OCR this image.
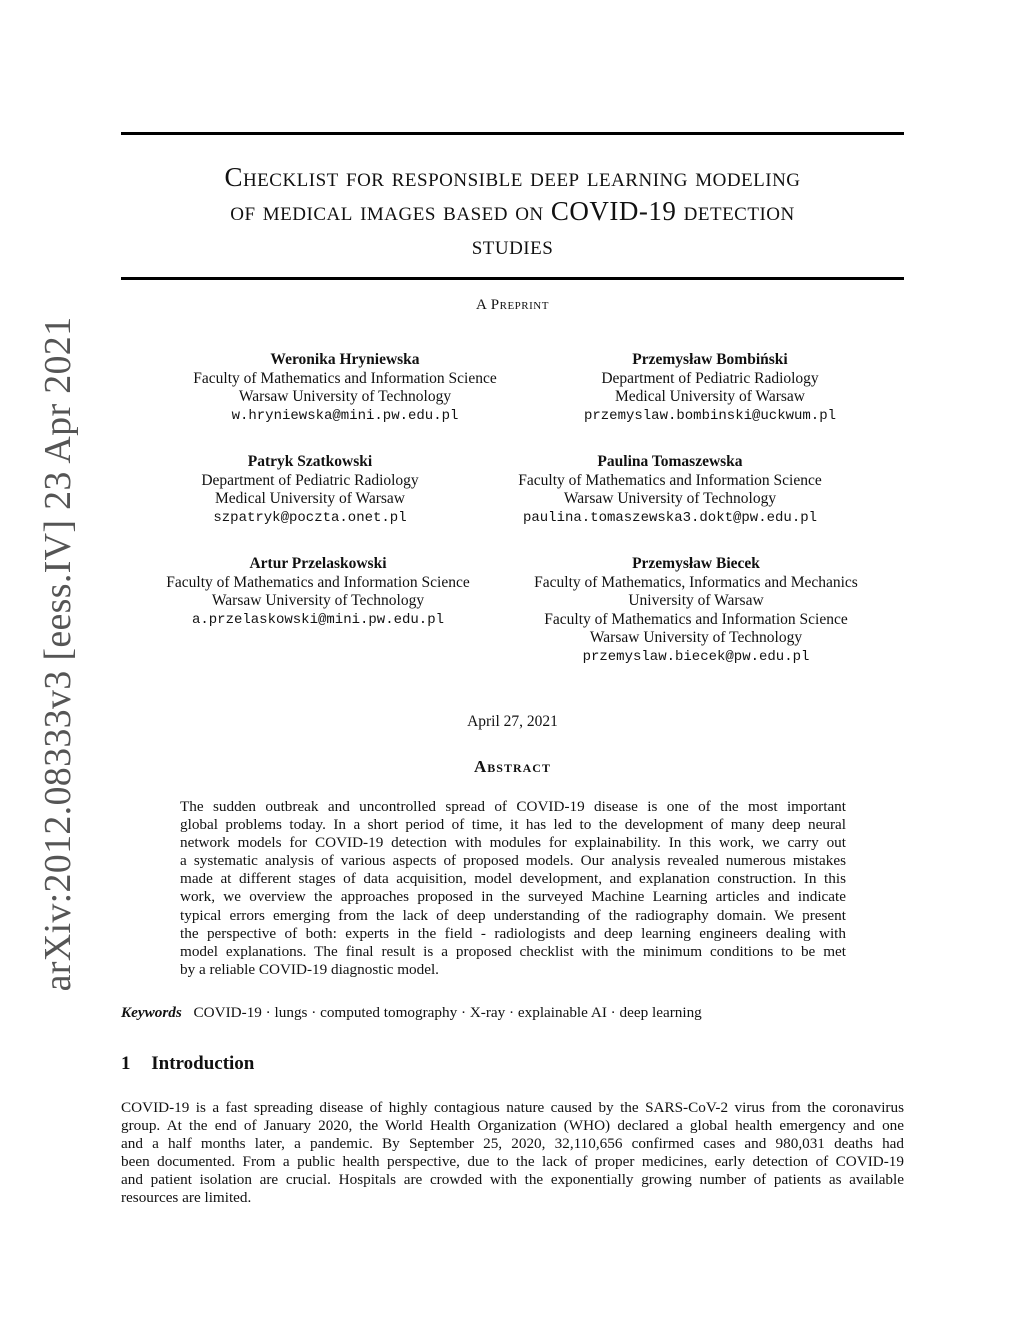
arXiv:2012.08333v3 [eess.IV] 23 Apr 2021
Checklist for responsible deep learning modeling
of medical images based on COVID-19 detection
studies
A Preprint
Weronika Hryniewska
Faculty of Mathematics and Information Science
Warsaw University of Technology
w.hryniewska@mini.pw.edu.pl
Przemysław Bombiński
Department of Pediatric Radiology
Medical University of Warsaw
przemyslaw.bombinski@uckwum.pl
Patryk Szatkowski
Department of Pediatric Radiology
Medical University of Warsaw
szpatryk@poczta.onet.pl
Paulina Tomaszewska
Faculty of Mathematics and Information Science
Warsaw University of Technology
paulina.tomaszewska3.dokt@pw.edu.pl
Artur Przelaskowski
Faculty of Mathematics and Information Science
Warsaw University of Technology
a.przelaskowski@mini.pw.edu.pl
Przemysław Biecek
Faculty of Mathematics, Informatics and Mechanics
University of Warsaw
Faculty of Mathematics and Information Science
Warsaw University of Technology
przemyslaw.biecek@pw.edu.pl
April 27, 2021
Abstract
The sudden outbreak and uncontrolled spread of COVID-19 disease is one of the most important
global problems today. In a short period of time, it has led to the development of many deep neural
network models for COVID-19 detection with modules for explainability. In this work, we carry out
a systematic analysis of various aspects of proposed models. Our analysis revealed numerous mistakes
made at different stages of data acquisition, model development, and explanation construction. In this
work, we overview the approaches proposed in the surveyed Machine Learning articles and indicate
typical errors emerging from the lack of deep understanding of the radiography domain. We present
the perspective of both: experts in the field - radiologists and deep learning engineers dealing with
model explanations. The final result is a proposed checklist with the minimum conditions to be met
by a reliable COVID-19 diagnostic model.
Keywords COVID-19 · lungs · computed tomography · X-ray · explainable AI · deep learning
1 Introduction
COVID-19 is a fast spreading disease of highly contagious nature caused by the SARS-CoV-2 virus from the coronavirus
group. At the end of January 2020, the World Health Organization (WHO) declared a global health emergency and one
and a half months later, a pandemic. By September 25, 2020, 32,110,656 confirmed cases and 980,031 deaths had
been documented. From a public health perspective, due to the lack of proper medicines, early detection of COVID-19
and patient isolation are crucial. Hospitals are crowded with the exponentially growing number of patients as available
resources are limited.
